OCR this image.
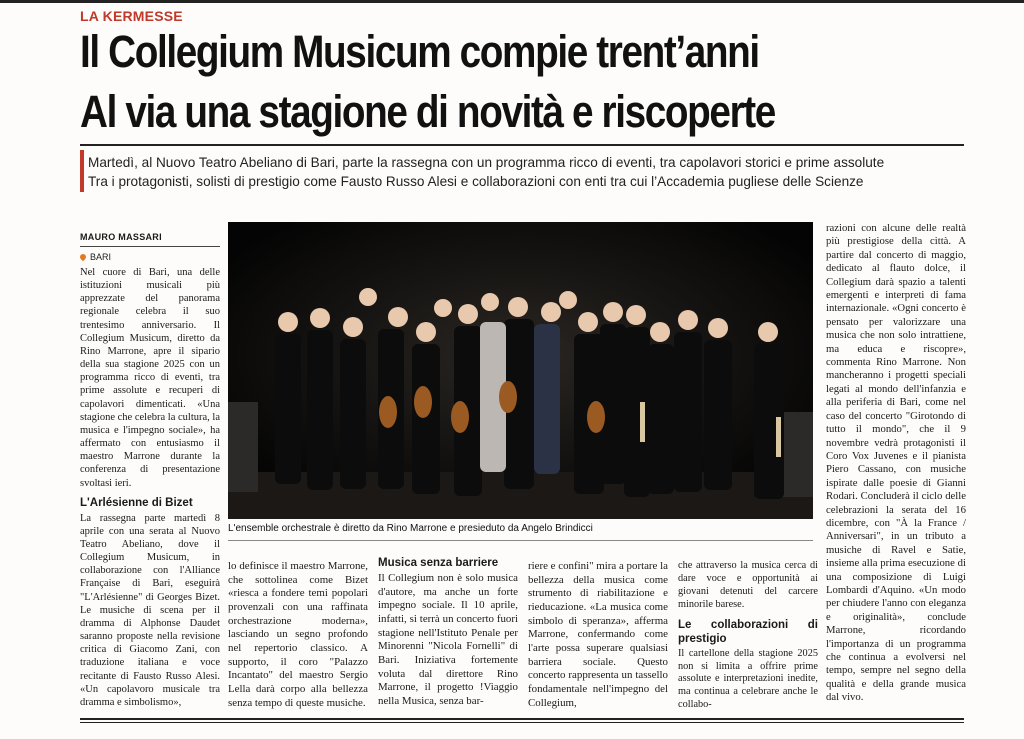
LA KERMESSE
Il Collegium Musicum compie trent’anni
Al via una stagione di novità e riscoperte
Martedì, al Nuovo Teatro Abeliano di Bari, parte la rassegna con un programma ricco di eventi, tra capolavori storici e prime assolute
Tra i protagonisti, solisti di prestigio come Fausto Russo Alesi e collaborazioni con enti tra cui l’Accademia pugliese delle Scienze
MAURO MASSARI
BARI

Nel cuore di Bari, una delle istituzioni musicali più apprezzate del panorama regionale celebra il suo trentesimo anniversario. Il Collegium Musicum, diretto da Rino Marrone, apre il sipario della sua stagione 2025 con un programma ricco di eventi, tra prime assolute e recuperi di capolavori dimenticati. «Una stagione che celebra la cultura, la musica e l'impegno sociale», ha affermato con entusiasmo il maestro Marrone durante la conferenza di presentazione svoltasi ieri.

L'Arlésienne di Bizet

La rassegna parte martedì 8 aprile con una serata al Nuovo Teatro Abeliano, dove il Collegium Musicum, in collaborazione con l'Alliance Française di Bari, eseguirà "L'Arlésienne" di Georges Bizet. Le musiche di scena per il dramma di Alphonse Daudet saranno proposte nella revisione critica di Giacomo Zani, con traduzione italiana e voce recitante di Fausto Russo Alesi. «Un capolavoro musicale tra dramma e simbolismo»,

L'ensemble orchestrale è diretto da Rino Marrone e presieduto da Angelo Brindicci

lo definisce il maestro Marrone, che sottolinea come Bizet «riesca a fondere temi popolari provenzali con una raffinata orchestrazione moderna», lasciando un segno profondo nel repertorio classico. A supporto, il coro "Palazzo Incantato" del maestro Sergio Lella darà corpo alla bellezza senza tempo di queste musiche.

Musica senza barriere

Il Collegium non è solo musica d'autore, ma anche un forte impegno sociale. Il 10 aprile, infatti, si terrà un concerto fuori stagione nell'Istituto Penale per Minorenni "Nicola Fornelli" di Bari. Iniziativa fortemente voluta dal direttore Rino Marrone, il progetto !Viaggio nella Musica, senza bar-

riere e confini" mira a portare la bellezza della musica come strumento di riabilitazione e rieducazione. «La musica come simbolo di speranza», afferma Marrone, confermando come l'arte possa superare qualsiasi barriera sociale. Questo concerto rappresenta un tassello fondamentale nell'impegno del Collegium,

che attraverso la musica cerca di dare voce e opportunità ai giovani detenuti del carcere minorile barese.

Le collaborazioni di prestigio

Il cartellone della stagione 2025 non si limita a offrire prime assolute e interpretazioni inedite, ma continua a celebrare anche le collabo-

razioni con alcune delle realtà più prestigiose della città. A partire dal concerto di maggio, dedicato al flauto dolce, il Collegium darà spazio a talenti emergenti e interpreti di fama internazionale. «Ogni concerto è pensato per valorizzare una musica che non solo intrattiene, ma educa e riscopre», commenta Rino Marrone. Non mancheranno i progetti speciali legati al mondo dell'infanzia e alla periferia di Bari, come nel caso del concerto "Girotondo di tutto il mondo", che il 9 novembre vedrà protagonisti il Coro Vox Juvenes e il pianista Piero Cassano, con musiche ispirate dalle poesie di Gianni Rodari. Concluderà il ciclo delle celebrazioni la serata del 16 dicembre, con "À la France / Anniversari", in un tributo a musiche di Ravel e Satie, insieme alla prima esecuzione di una composizione di Luigi Lombardi d'Aquino. «Un modo per chiudere l'anno con eleganza e originalità», conclude Marrone, ricordando l'importanza di un programma che continua a evolversi nel tempo, sempre nel segno della qualità e della grande musica dal vivo.
